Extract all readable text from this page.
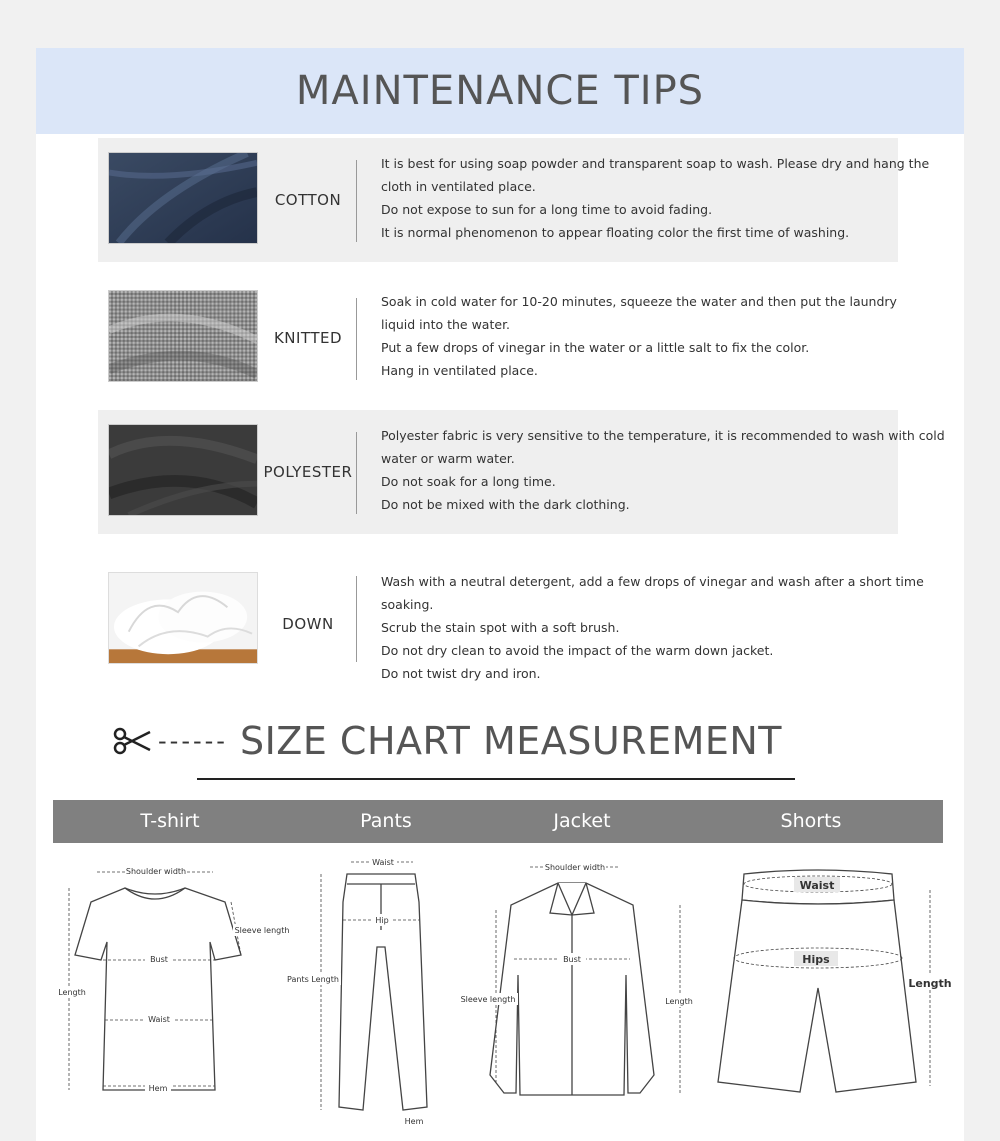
MAINTENANCE TIPS
COTTON
It is best for using soap powder and transparent soap to wash. Please dry and hang the
cloth in ventilated place.
Do not expose to sun for a long time to avoid fading.
It is normal phenomenon to appear floating color the first time of washing.
KNITTED
Soak in cold water for 10-20 minutes, squeeze the water and then put the laundry
liquid into the water.
Put a few drops of vinegar in the water or a little salt to fix the color.
Hang in ventilated place.
POLYESTER
Polyester fabric is very sensitive to the temperature, it is recommended to wash with cold
water or warm water.
Do not soak for a long time.
Do not be mixed with the dark clothing.
DOWN
Wash with a neutral detergent, add a few drops of vinegar and wash after a short time
soaking.
Scrub the stain spot with a soft brush.
Do not dry clean to avoid the impact of the warm down jacket.
Do not twist dry and iron.
------ SIZE CHART MEASUREMENT
T-shirt	Pants	Jacket	Shorts
Shoulder width
Sleeve length
Bust
Length
Waist
Hem
Waist
Hip
Pants Length
Hem
Shoulder width
Bust
Sleeve length	Length
Waist
Hips
Length
